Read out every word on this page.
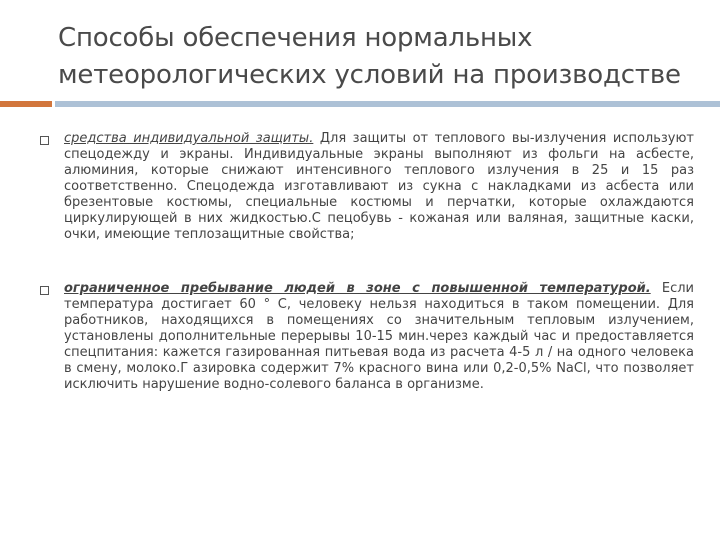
Способы обеспечения нормальных
метеорологических условий на производстве
средства индивидуальной защиты. Для защиты от теплового вы-излучения используют спецодежду и экраны. Индивидуальные экраны выполняют из фольги на асбесте, алюминия, которые снижают интенсивного теплового излучения в 25 и 15 раз соответственно. Спецодежда изготавливают из сукна с накладками из асбеста или брезентовые костюмы, специальные костюмы и перчатки, которые охлаждаются циркулирующей в них жидкостью.С пецобувь - кожаная или валяная, защитные каски, очки, имеющие теплозащитные свойства;
ограниченное пребывание людей в зоне с повышенной температурой. Если температура достигает 60 ° С, человеку нельзя находиться в таком помещении. Для работников, находящихся в помещениях со значительным тепловым излучением, установлены дополнительные перерывы 10-15 мин.через каждый час и предоставляется спецпитания: кажется газированная питьевая вода из расчета 4-5 л / на одного человека в смену, молоко.Г азировка содержит 7% красного вина или 0,2-0,5% NaCl, что позволяет исключить нарушение водно-солевого баланса в организме.
